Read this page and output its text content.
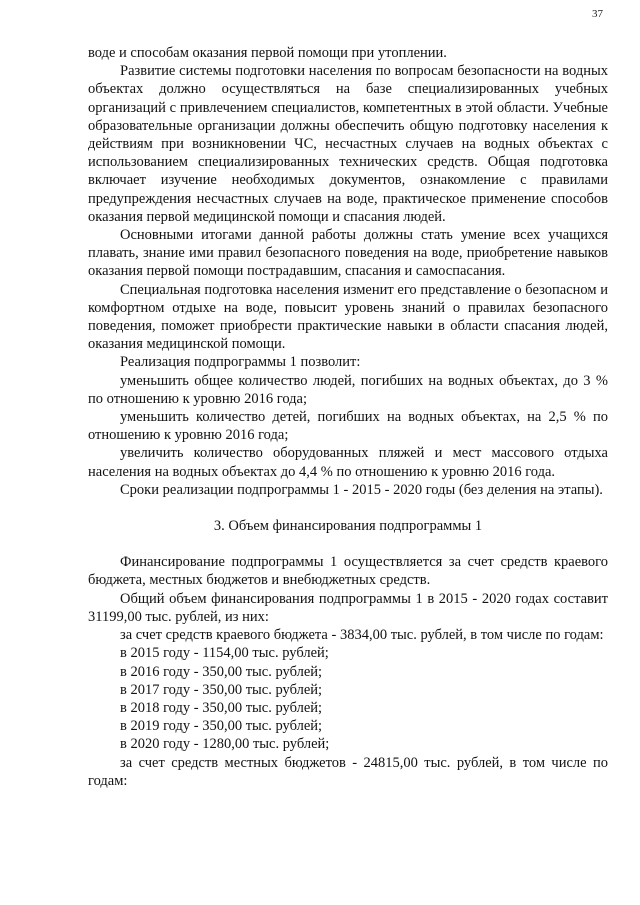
37

воде и способам оказания первой помощи при утоплении.

Развитие системы подготовки населения по вопросам безопасности на водных объектах должно осуществляться на базе специализированных учебных организаций с привлечением специалистов, компетентных в этой области. Учебные образовательные организации должны обеспечить общую подготовку населения к действиям при возникновении ЧС, несчастных случаев на водных объектах с использованием специализированных технических средств. Общая подготовка включает изучение необходимых документов, ознакомление с правилами предупреждения несчастных случаев на воде, практическое применение способов оказания первой медицинской помощи и спасания людей.

Основными итогами данной работы должны стать умение всех учащихся плавать, знание ими правил безопасного поведения на воде, приобретение навыков оказания первой помощи пострадавшим, спасания и самоспасания.

Специальная подготовка населения изменит его представление о безопасном и комфортном отдыхе на воде, повысит уровень знаний о правилах безопасного поведения, поможет приобрести практические навыки в области спасания людей, оказания медицинской помощи.

Реализация подпрограммы 1 позволит:

уменьшить общее количество людей, погибших на водных объектах, до 3 % по отношению к уровню 2016 года;

уменьшить количество детей, погибших на водных объектах, на 2,5 % по отношению к уровню 2016 года;

увеличить количество оборудованных пляжей и мест массового отдыха населения на водных объектах до 4,4 % по отношению к уровню 2016 года.

Сроки реализации подпрограммы 1 - 2015 - 2020 годы (без деления на этапы).

3. Объем финансирования подпрограммы 1

Финансирование подпрограммы 1 осуществляется за счет средств краевого бюджета, местных бюджетов и внебюджетных средств.

Общий объем финансирования подпрограммы 1 в 2015 - 2020 годах составит 31199,00 тыс. рублей, из них:

за счет средств краевого бюджета - 3834,00 тыс. рублей, в том числе по годам:

в 2015 году - 1154,00 тыс. рублей;

в 2016 году - 350,00 тыс. рублей;

в 2017 году - 350,00 тыс. рублей;

в 2018 году - 350,00 тыс. рублей;

в 2019 году - 350,00 тыс. рублей;

в 2020 году - 1280,00 тыс. рублей;

за счет средств местных бюджетов - 24815,00 тыс. рублей, в том числе по годам:
